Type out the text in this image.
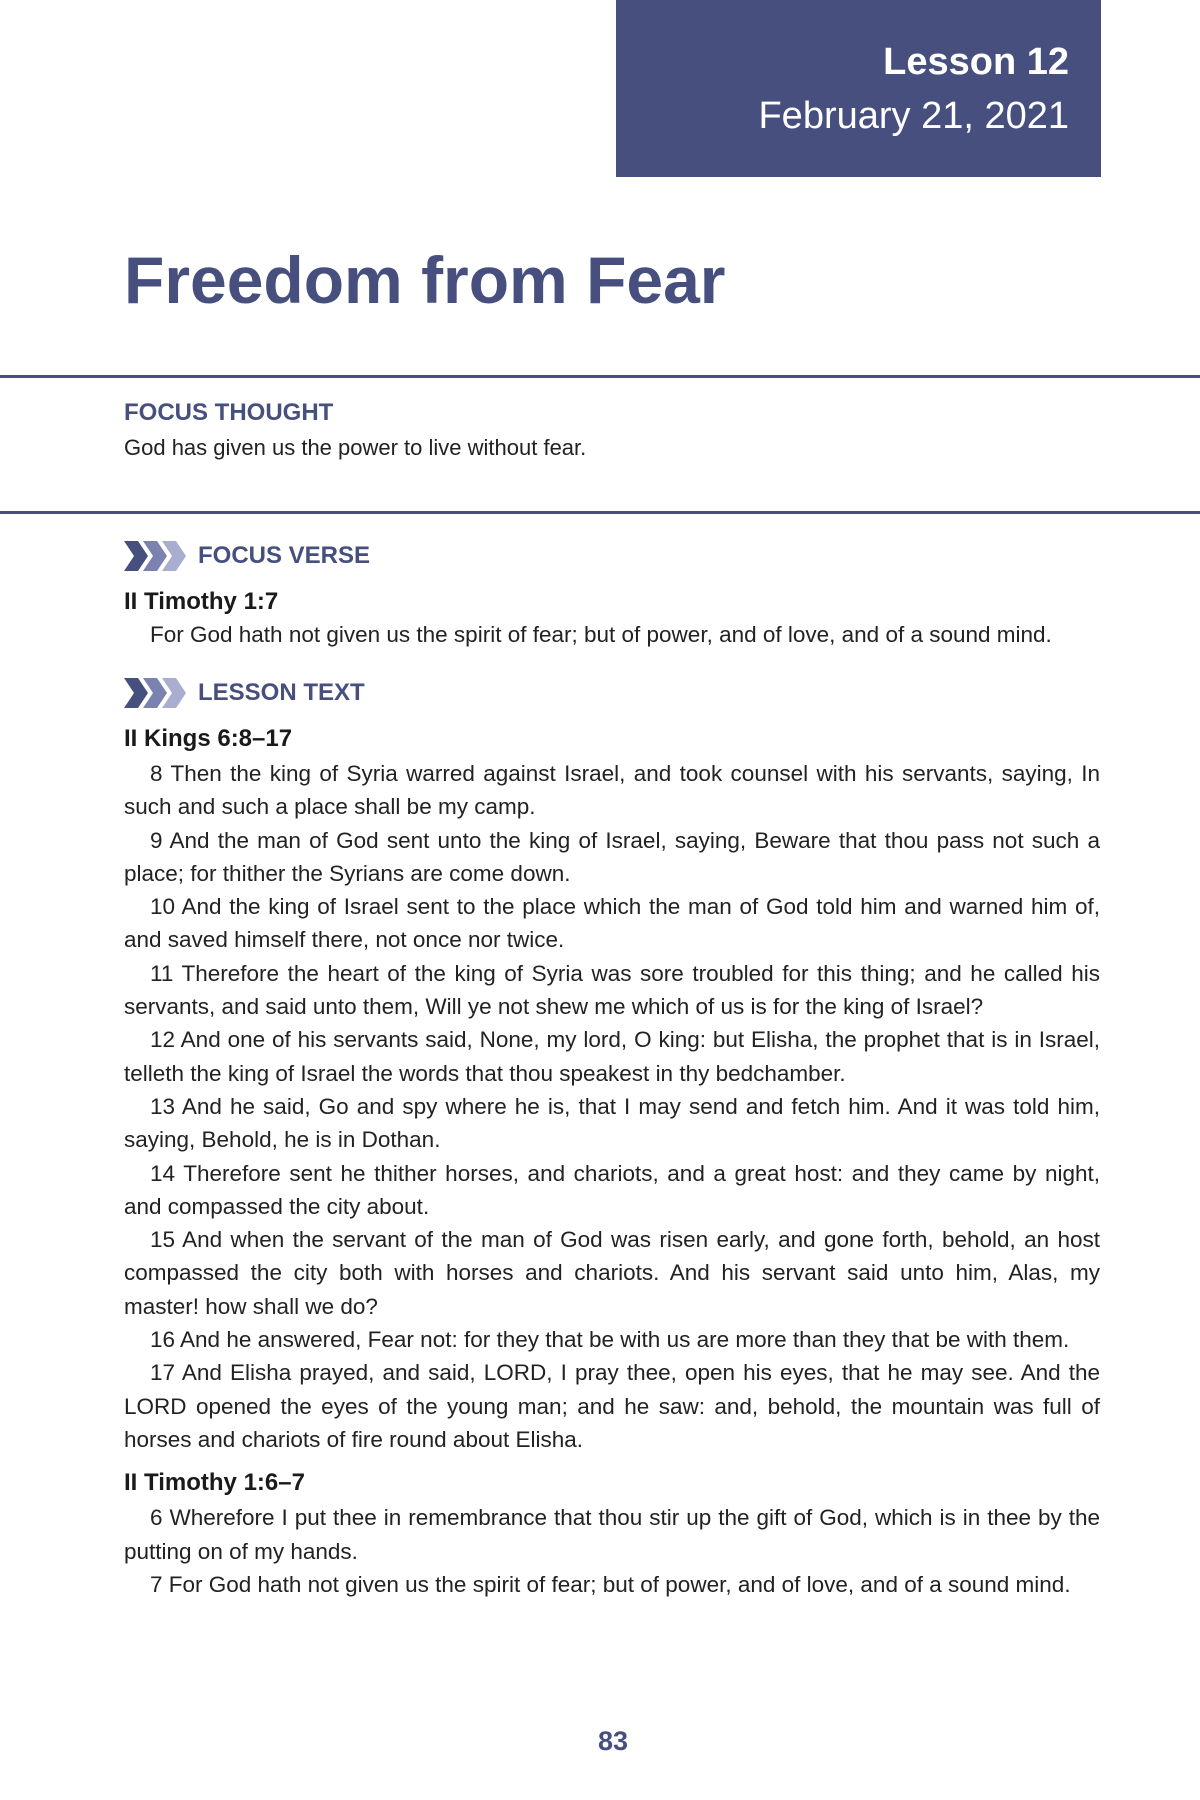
Lesson 12
February 21, 2021
Freedom from Fear
FOCUS THOUGHT
God has given us the power to live without fear.
FOCUS VERSE
II Timothy 1:7

For God hath not given us the spirit of fear; but of power, and of love, and of a sound mind.

LESSON TEXT

II Kings 6:8–17

8 Then the king of Syria warred against Israel, and took counsel with his servants, saying, In such and such a place shall be my camp.

9 And the man of God sent unto the king of Israel, saying, Beware that thou pass not such a place; for thither the Syrians are come down.

10 And the king of Israel sent to the place which the man of God told him and warned him of, and saved himself there, not once nor twice.

11 Therefore the heart of the king of Syria was sore troubled for this thing; and he called his servants, and said unto them, Will ye not shew me which of us is for the king of Israel?

12 And one of his servants said, None, my lord, O king: but Elisha, the prophet that is in Israel, telleth the king of Israel the words that thou speakest in thy bedchamber.

13 And he said, Go and spy where he is, that I may send and fetch him. And it was told him, saying, Behold, he is in Dothan.

14 Therefore sent he thither horses, and chariots, and a great host: and they came by night, and compassed the city about.

15 And when the servant of the man of God was risen early, and gone forth, behold, an host compassed the city both with horses and chariots. And his servant said unto him, Alas, my master! how shall we do?

16 And he answered, Fear not: for they that be with us are more than they that be with them.

17 And Elisha prayed, and said, LORD, I pray thee, open his eyes, that he may see. And the LORD opened the eyes of the young man; and he saw: and, behold, the mountain was full of horses and chariots of fire round about Elisha.

II Timothy 1:6–7

6 Wherefore I put thee in remembrance that thou stir up the gift of God, which is in thee by the putting on of my hands.

7 For God hath not given us the spirit of fear; but of power, and of love, and of a sound mind.

83
